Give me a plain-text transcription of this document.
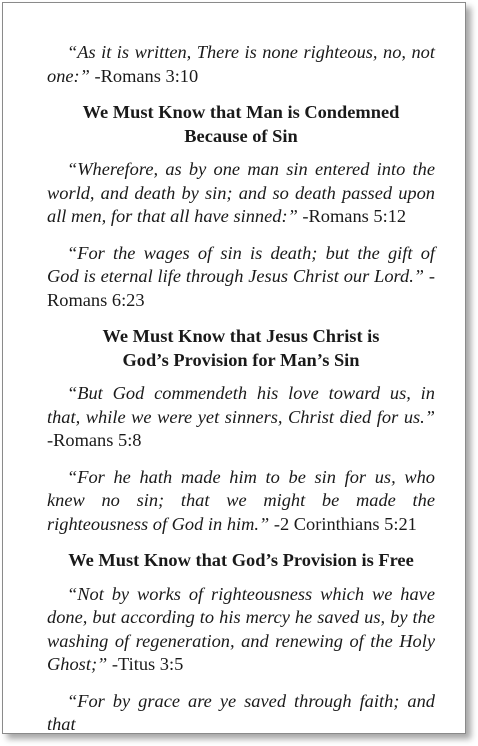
“As it is written, There is none righteous, no, not one:” -Romans 3:10

We Must Know that Man is Condemned
Because of Sin

“Wherefore, as by one man sin entered into the world, and death by sin; and so death passed upon all men, for that all have sinned:” -Romans 5:12

“For the wages of sin is death; but the gift of God is eternal life through Jesus Christ our Lord.” -Romans 6:23

We Must Know that Jesus Christ is
God’s Provision for Man’s Sin

“But God commendeth his love toward us, in that, while we were yet sinners, Christ died for us.” -Romans 5:8

“For he hath made him to be sin for us, who knew no sin; that we might be made the righteousness of God in him.” -2 Corinthians 5:21

We Must Know that God’s Provision is Free

“Not by works of righteousness which we have done, but according to his mercy he saved us, by the washing of regeneration, and renewing of the Holy Ghost;” -Titus 3:5

“For by grace are ye saved through faith; and that
